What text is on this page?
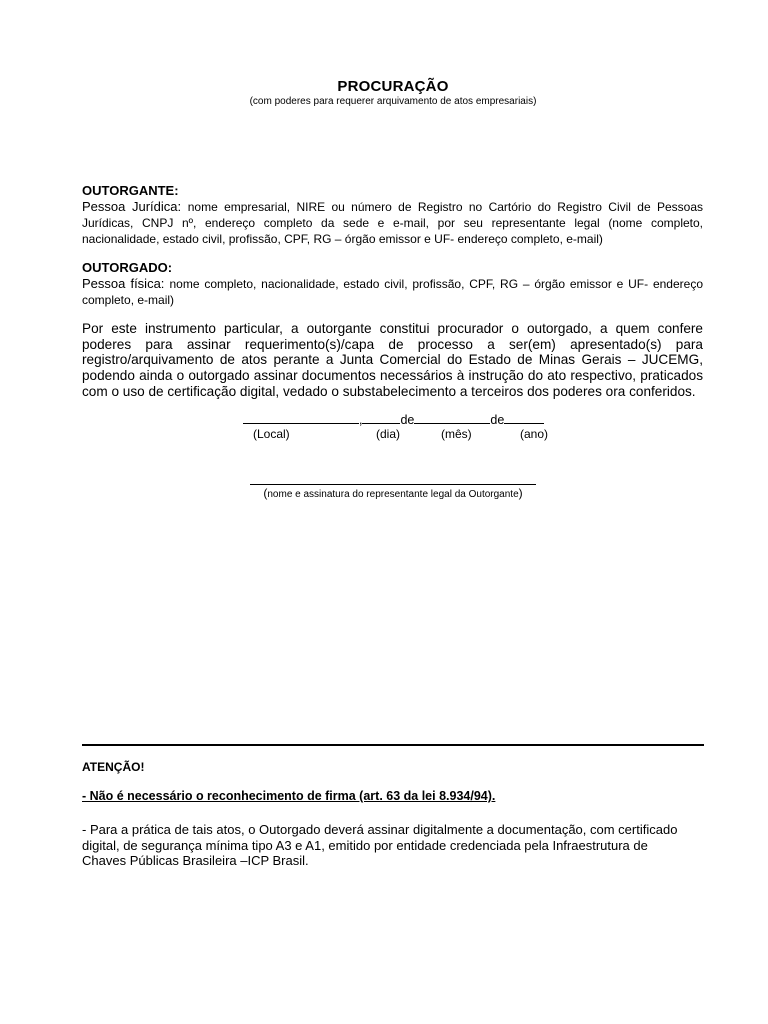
PROCURAÇÃO
(com poderes para requerer arquivamento de atos empresariais)
OUTORGANTE:
Pessoa Jurídica: nome empresarial, NIRE ou número de Registro no Cartório do Registro Civil de Pessoas Jurídicas, CNPJ nº, endereço completo da sede e e-mail, por seu representante legal (nome completo, nacionalidade, estado civil, profissão, CPF, RG – órgão emissor e UF- endereço completo, e-mail)
OUTORGADO:
Pessoa física: nome completo, nacionalidade, estado civil, profissão, CPF, RG – órgão emissor e UF- endereço completo, e-mail)
Por este instrumento particular, a outorgante constitui procurador o outorgado, a quem confere poderes para assinar requerimento(s)/capa de processo a ser(em) apresentado(s) para registro/arquivamento de atos perante a Junta Comercial do Estado de Minas Gerais – JUCEMG, podendo ainda o outorgado assinar documentos necessários à instrução do ato respectivo, praticados com o uso de certificação digital, vedado o substabelecimento a terceiros dos poderes ora conferidos.
,	de	de
(Local)	(dia)	(mês)	(ano)
(nome e assinatura do representante legal da Outorgante)
ATENÇÃO!
- Não é necessário o reconhecimento de firma (art. 63 da lei 8.934/94).
- Para a prática de tais atos, o Outorgado deverá assinar digitalmente a documentação, com certificado digital, de segurança mínima tipo A3 e A1, emitido por entidade credenciada pela Infraestrutura de Chaves Públicas Brasileira –ICP Brasil.
